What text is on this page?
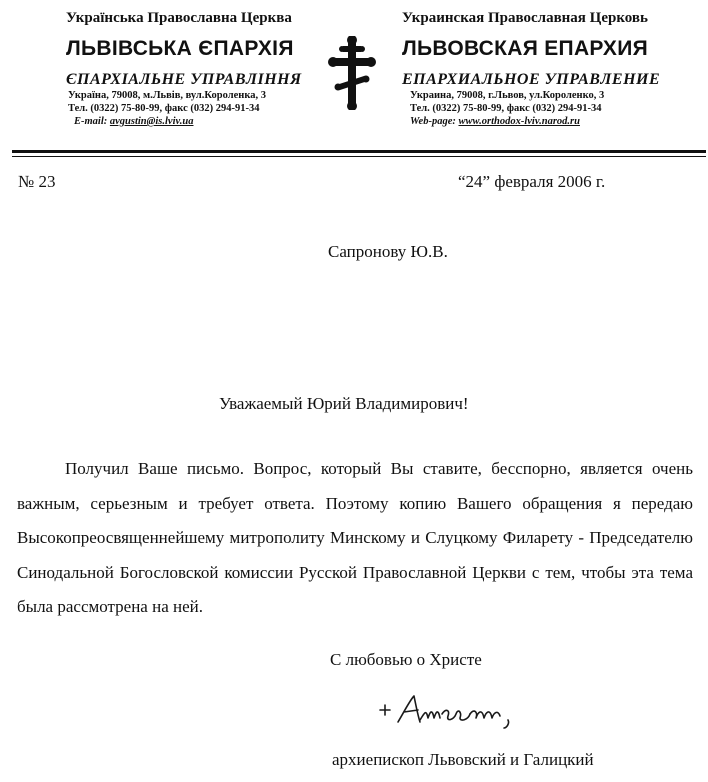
Українська Православна Церква
ЛЬВІВСЬКА ЄПАРХІЯ
ЄПАРХІАЛЬНЕ УПРАВЛІННЯ
Україна, 79008, м.Львів, вул.Короленка, 3
Тел. (0322) 75-80-99, факс (032) 294-91-34
E-mail: avgustin@is.lviv.ua
Украинская Православная Церковь
ЛЬВОВСКАЯ ЕПАРХИЯ
ЕПАРХИАЛЬНОЕ УПРАВЛЕНИЕ
Украина, 79008, г.Львов, ул.Короленко, 3
Тел. (0322) 75-80-99, факс (032) 294-91-34
Web-page: www.orthodox-lviv.narod.ru
№ 23	“24” февраля 2006 г.
Сапронову Ю.В.
Уважаемый Юрий Владимирович!

Получил Ваше письмо. Вопрос, который Вы ставите, бесспорно, является очень важным, серьезным и требует ответа. Поэтому копию Вашего обращения я передаю Высокопреосвященнейшему митрополиту Минскому и Слуцкому Филарету - Председателю Синодальной Богословской комиссии Русской Православной Церкви с тем, чтобы эта тема была рассмотрена на ней.

С любовью о Христе
архиепископ Львовский и Галицкий
